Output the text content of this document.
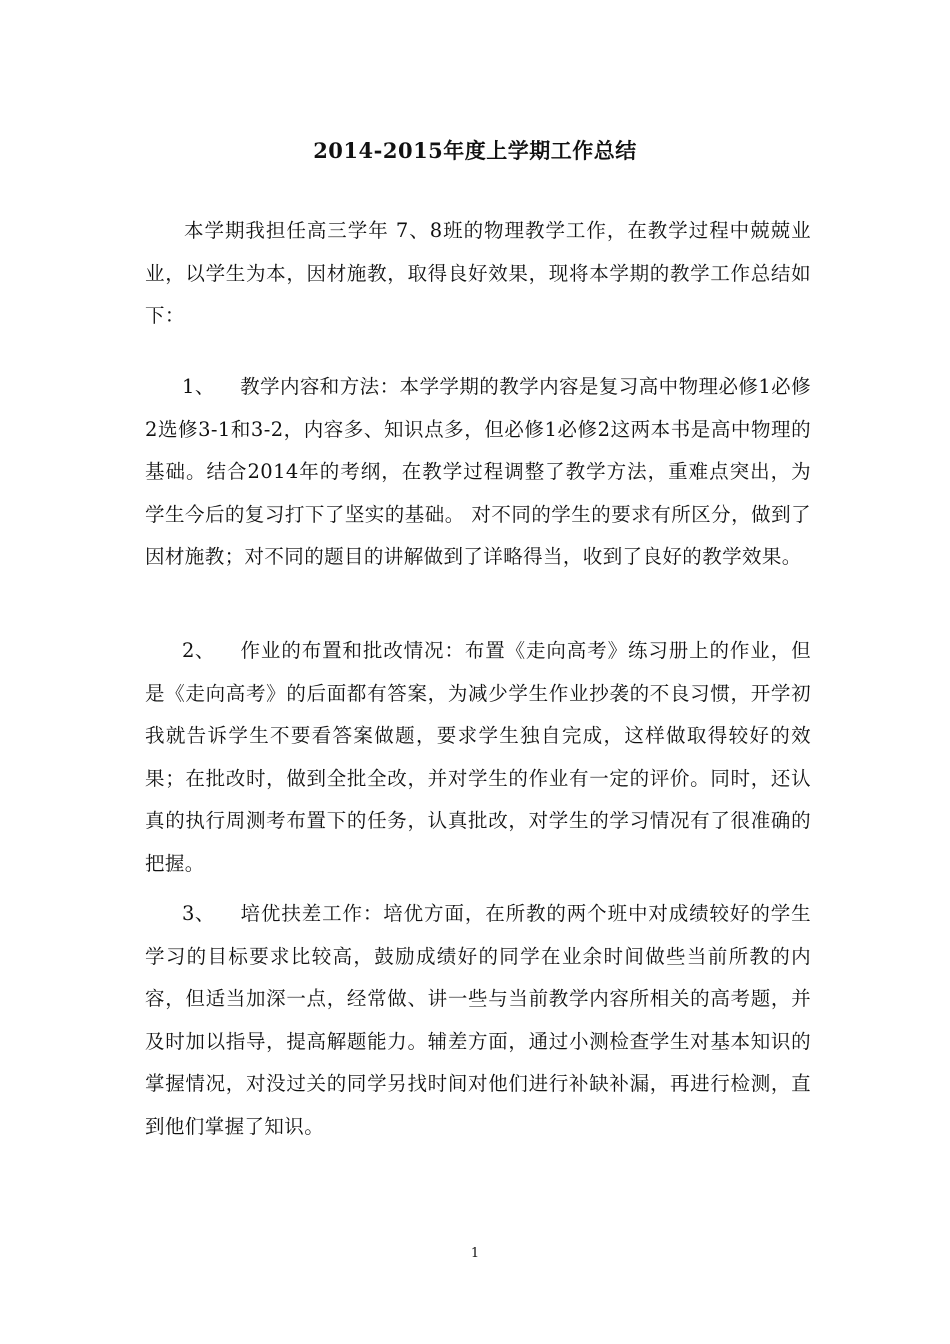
2014-2015年度上学期工作总结

本学期我担任高三学年 7、8班的物理教学工作，在教学过程中兢兢业业，以学生为本，因材施教，取得良好效果，现将本学期的教学工作总结如下：

1、 教学内容和方法：本学学期的教学内容是复习高中物理必修1必修2选修3-1和3-2，内容多、知识点多，但必修1必修2这两本书是高中物理的基础。结合2014年的考纲，在教学过程调整了教学方法，重难点突出，为学生今后的复习打下了坚实的基础。 对不同的学生的要求有所区分，做到了因材施教；对不同的题目的讲解做到了详略得当，收到了良好的教学效果。

2、 作业的布置和批改情况：布置《走向高考》练习册上的作业，但是《走向高考》的后面都有答案，为减少学生作业抄袭的不良习惯，开学初我就告诉学生不要看答案做题，要求学生独自完成，这样做取得较好的效果；在批改时，做到全批全改，并对学生的作业有一定的评价。同时，还认真的执行周测考布置下的任务，认真批改，对学生的学习情况有了很准确的把握。

3、 培优扶差工作：培优方面，在所教的两个班中对成绩较好的学生学习的目标要求比较高，鼓励成绩好的同学在业余时间做些当前所教的内容，但适当加深一点，经常做、讲一些与当前教学内容所相关的高考题，并及时加以指导，提高解题能力。辅差方面，通过小测检查学生对基本知识的掌握情况，对没过关的同学另找时间对他们进行补缺补漏，再进行检测，直到他们掌握了知识。

1
